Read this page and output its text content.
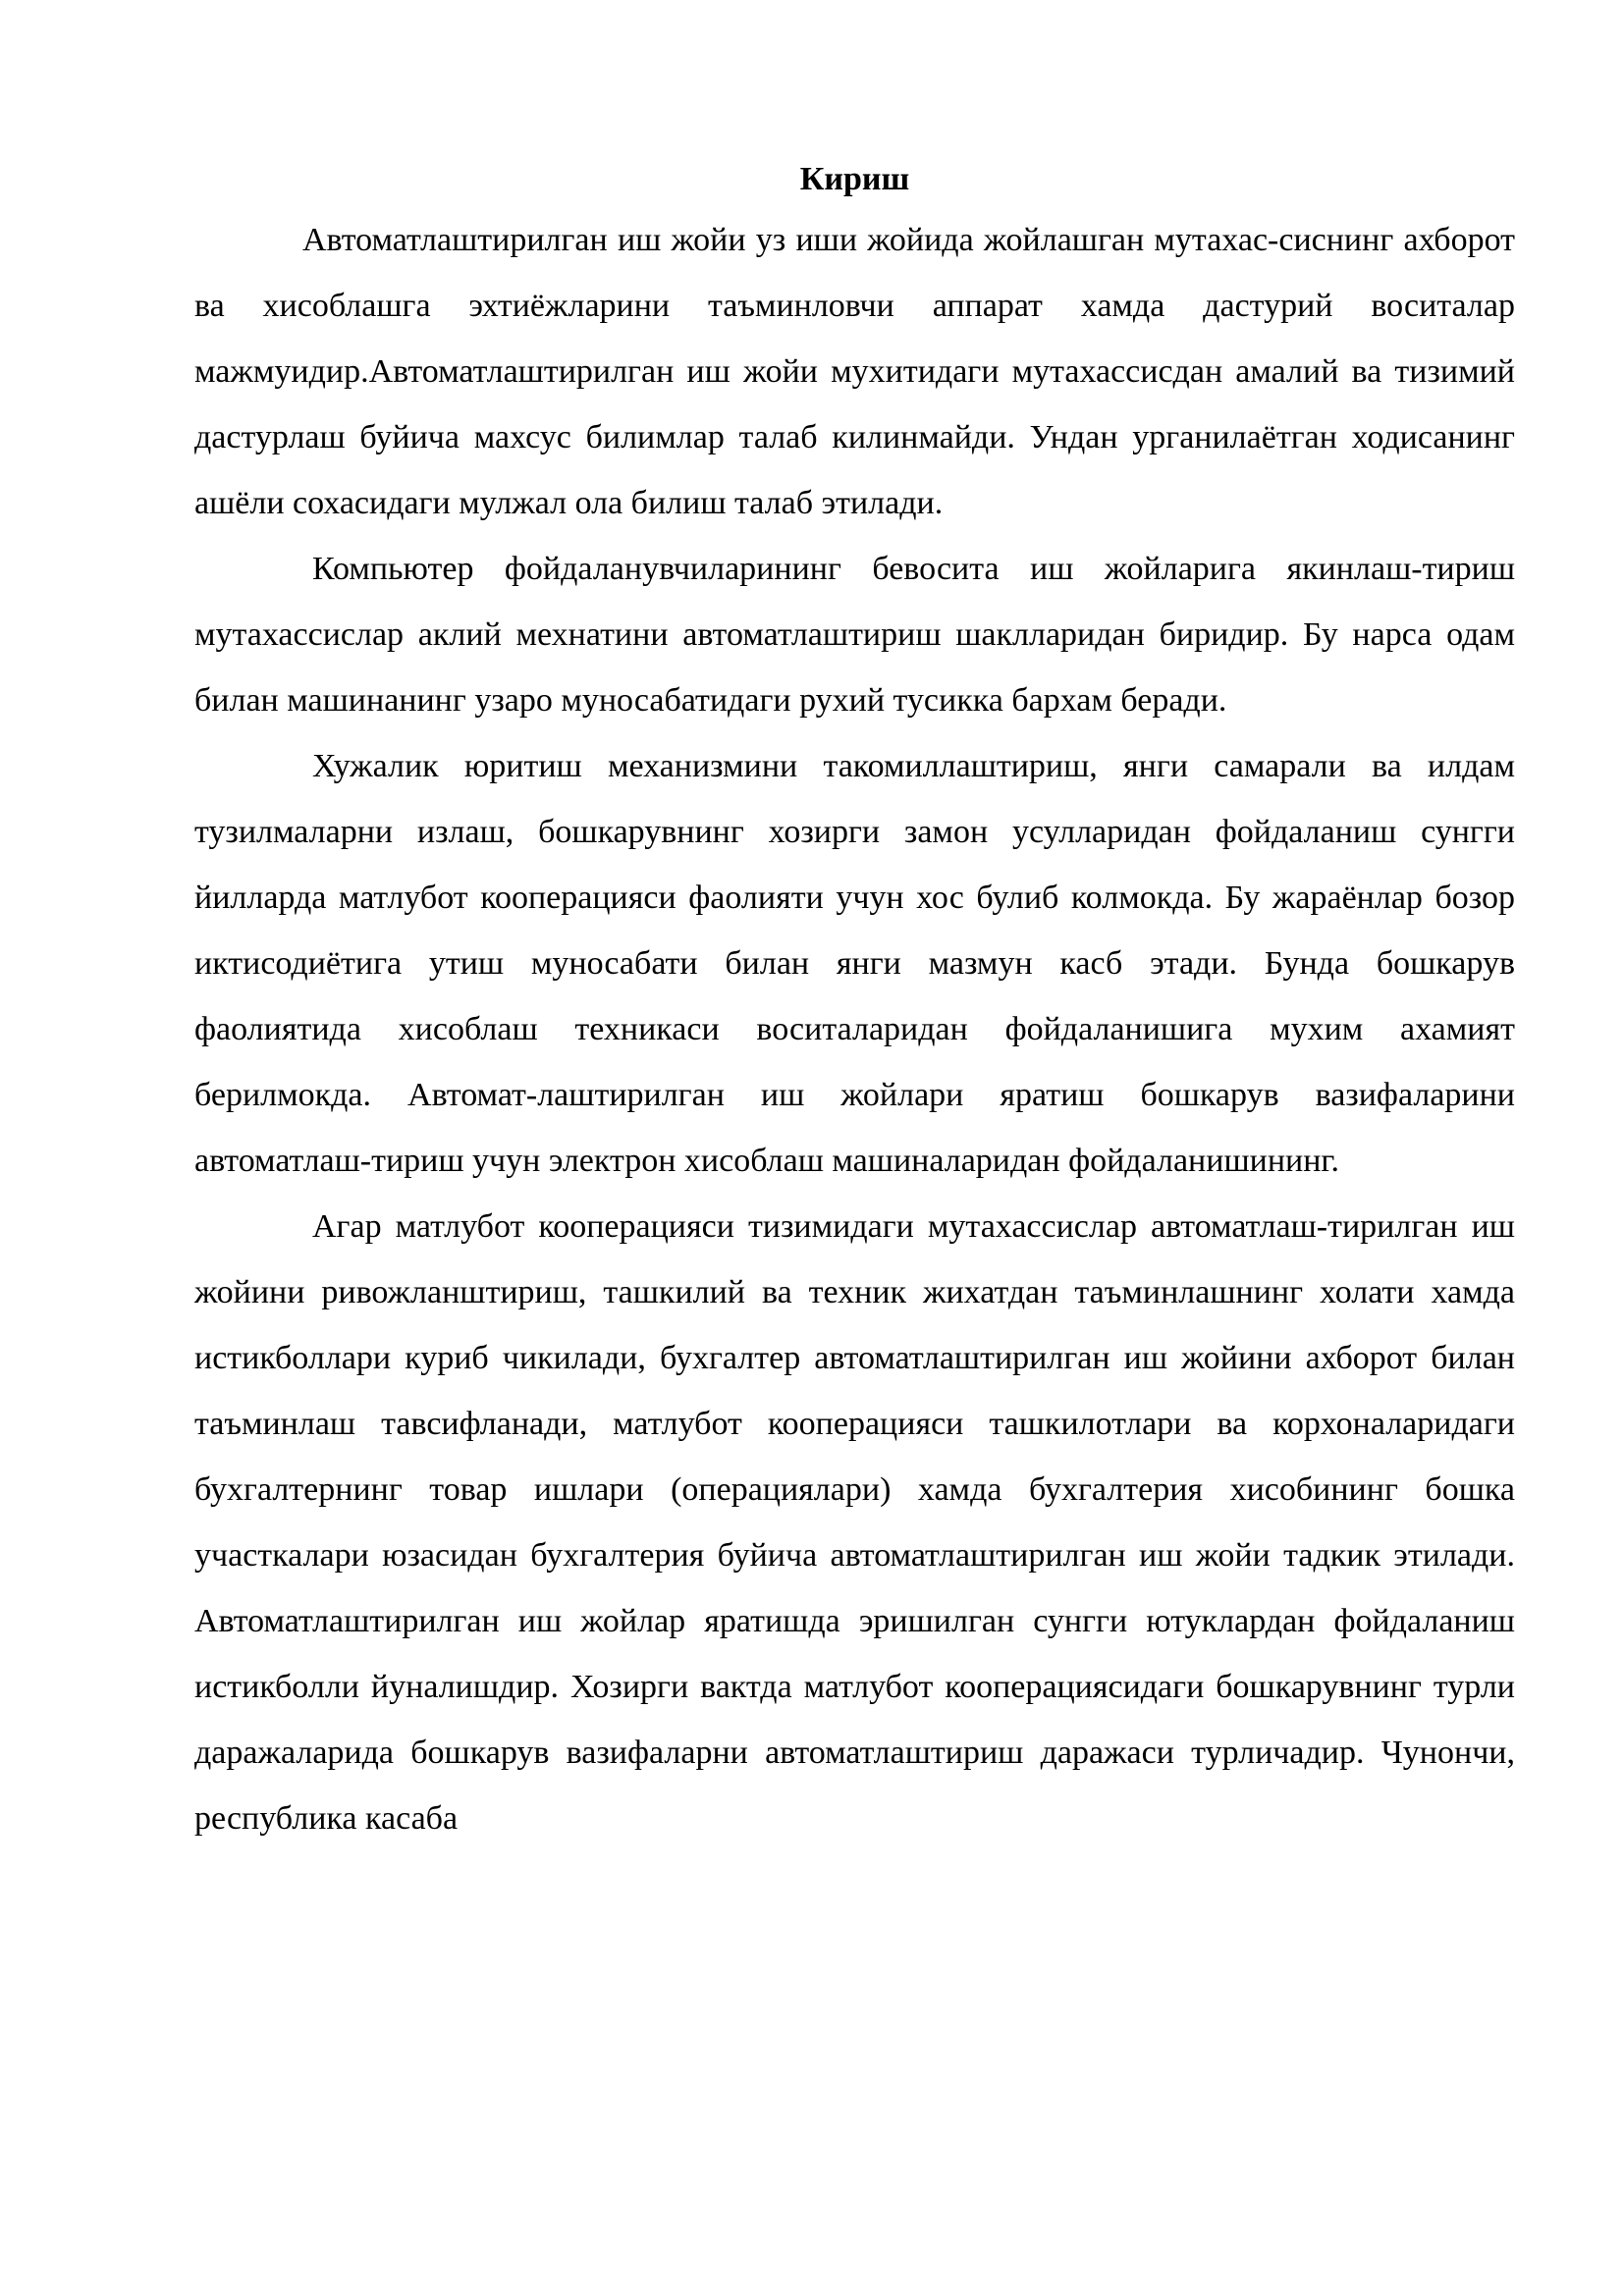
Кириш

Автоматлаштирилган иш жойи уз иши жойида жойлашган мутахас-сиснинг ахборот ва хисоблашга эхтиёжларини таъминловчи аппарат хамда дастурий воситалар мажмуидир.Автоматлаштирилган иш жойи мухитидаги мутахассисдан амалий ва тизимий дастурлаш буйича махсус билимлар талаб килинмайди. Ундан урганилаётган ходисанинг ашёли сохасидаги мулжал ола билиш талаб этилади.

Компьютер фойдаланувчиларининг бевосита иш жойларига якинлаш-тириш мутахассислар аклий мехнатини автоматлаштириш шаклларидан биридир. Бу нарса одам билан машинанинг узаро муносабатидаги рухий тусикка бархам беради.

Хужалик юритиш механизмини такомиллаштириш, янги самарали ва илдам тузилмаларни излаш, бошкарувнинг хозирги замон усулларидан фойдаланиш сунгги йилларда матлубот кооперацияси фаолияти учун хос булиб колмокда. Бу жараёнлар бозор иктисодиётига утиш муносабати билан янги мазмун касб этади. Бунда бошкарув фаолиятида хисоблаш техникаси воситаларидан фойдаланишига мухим ахамият берилмокда. Автомат-лаштирилган иш жойлари яратиш бошкарув вазифаларини автоматлаш-тириш учун электрон хисоблаш машиналаридан фойдаланишининг.

Агар матлубот кооперацияси тизимидаги мутахассислар автоматлаш-тирилган иш жойини ривожланштириш, ташкилий ва техник жихатдан таъминлашнинг холати хамда истикболлари куриб чикилади, бухгалтер автоматлаштирилган иш жойини ахборот билан таъминлаш тавсифланади, матлубот кооперацияси ташкилотлари ва корхоналаридаги бухгалтернинг товар ишлари (операциялари) хамда бухгалтерия хисобининг бошка участкалари юзасидан бухгалтерия буйича автоматлаштирилган иш жойи тадкик этилади. Автоматлаштирилган иш жойлар яратишда эришилган сунгги ютуклардан фойдаланиш истикболли йуналишдир. Хозирги вактда матлубот кооперациясидаги бошкарувнинг турли даражаларида бошкарув вазифаларни автоматлаштириш даражаси турличадир. Чунончи, республика касаба
